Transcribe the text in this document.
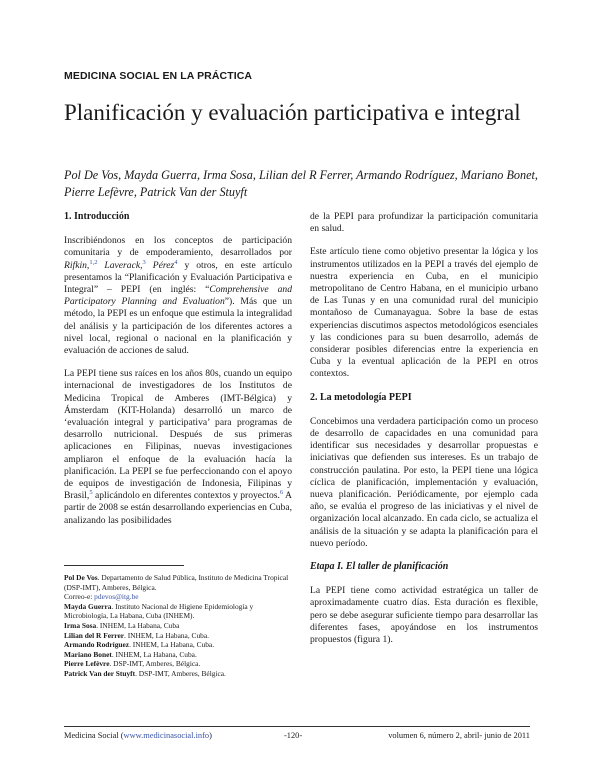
MEDICINA SOCIAL EN LA PRÁCTICA
Planificación y evaluación participativa e integral
Pol De Vos, Mayda Guerra, Irma Sosa, Lilian del R Ferrer, Armando Rodríguez, Mariano Bonet, Pierre Lefèvre, Patrick Van der Stuyft
1. Introducción

Inscribiéndonos en los conceptos de participación comunitaria y de empoderamiento, desarrollados por Rifkin,$^{1,2}$ Laverack,$^3$ Pérez$^4$ y otros, en este artículo presentamos la “Planificación y Evaluación Participativa e Integral” – PEPI (en inglés: “Comprehensive and Participatory Planning and Evaluation”). Más que un método, la PEPI es un enfoque que estimula la integralidad del análisis y la participación de los diferentes actores a nivel local, regional o nacional en la planificación y evaluación de acciones de salud.

La PEPI tiene sus raíces en los años 80s, cuando un equipo internacional de investigadores de los Institutos de Medicina Tropical de Amberes (IMT-Bélgica) y Ámsterdam (KIT-Holanda) desarrolló un marco de ‘evaluación integral y participativa’ para programas de desarrollo nutricional. Después de sus primeras aplicaciones en Filipinas, nuevas investigaciones ampliaron el enfoque de la evaluación hacía la planificación. La PEPI se fue perfeccionando con el apoyo de equipos de investigación de Indonesia, Filipinas y Brasil,$^5$ aplicándolo en diferentes contextos y proyectos.$^6$ A partir de 2008 se están desarrollando experiencias en Cuba, analizando las posibilidades

de la PEPI para profundizar la participación comunitaria en salud.

Este artículo tiene como objetivo presentar la lógica y los instrumentos utilizados en la PEPI a través del ejemplo de nuestra experiencia en Cuba, en el municipio metropolitano de Centro Habana, en el municipio urbano de Las Tunas y en una comunidad rural del municipio montañoso de Cumanayagua. Sobre la base de estas experiencias discutimos aspectos metodológicos esenciales y las condiciones para su buen desarrollo, además de considerar posibles diferencias entre la experiencia en Cuba y la eventual aplicación de la PEPI en otros contextos.

2. La metodología PEPI

Concebimos una verdadera participación como un proceso de desarrollo de capacidades en una comunidad para identificar sus necesidades y desarrollar propuestas e iniciativas que defienden sus intereses. Es un trabajo de construcción paulatina. Por esto, la PEPI tiene una lógica cíclica de planificación, implementación y evaluación, nueva planificación. Periódicamente, por ejemplo cada año, se evalúa el progreso de las iniciativas y el nivel de organización local alcanzado. En cada ciclo, se actualiza el análisis de la situación y se adapta la planificación para el nuevo período.

Etapa I. El taller de planificación

La PEPI tiene como actividad estratégica un taller de aproximadamente cuatro días. Esta duración es flexible, pero se debe asegurar suficiente tiempo para desarrollar las diferentes fases, apoyándose en los instrumentos propuestos (figura 1).

Pol De Vos. Departamento de Salud Pública, Instituto de Medicina Tropical (DSP-IMT), Amberes, Bélgica.
Correo-e: pdevos@itg.be
Mayda Guerra. Instituto Nacional de Higiene Epidemiología y Microbiología, La Habana, Cuba (INHEM).
Irma Sosa. INHEM, La Habana, Cuba
Lilian del R Ferrer. INHEM, La Habana, Cuba.
Armando Rodríguez. INHEM, La Habana, Cuba.
Mariano Bonet. INHEM, La Habana, Cuba.
Pierre Lefèvre. DSP-IMT, Amberes, Bélgica.
Patrick Van der Stuyft. DSP-IMT, Amberes, Bélgica.
Medicina Social (www.medicinasocial.info)	-120-	volumen 6, número 2, abril- junio de 2011
